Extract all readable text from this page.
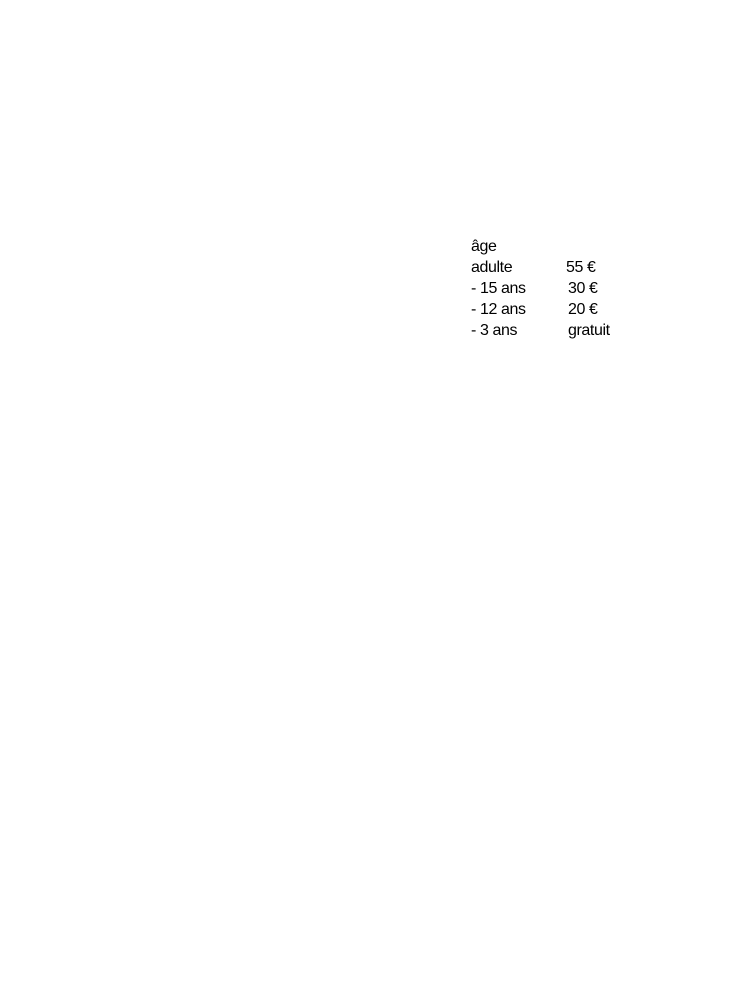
âge
adulte	55 €
- 15 ans	30 €
- 12 ans	20 €
- 3 ans	gratuit
